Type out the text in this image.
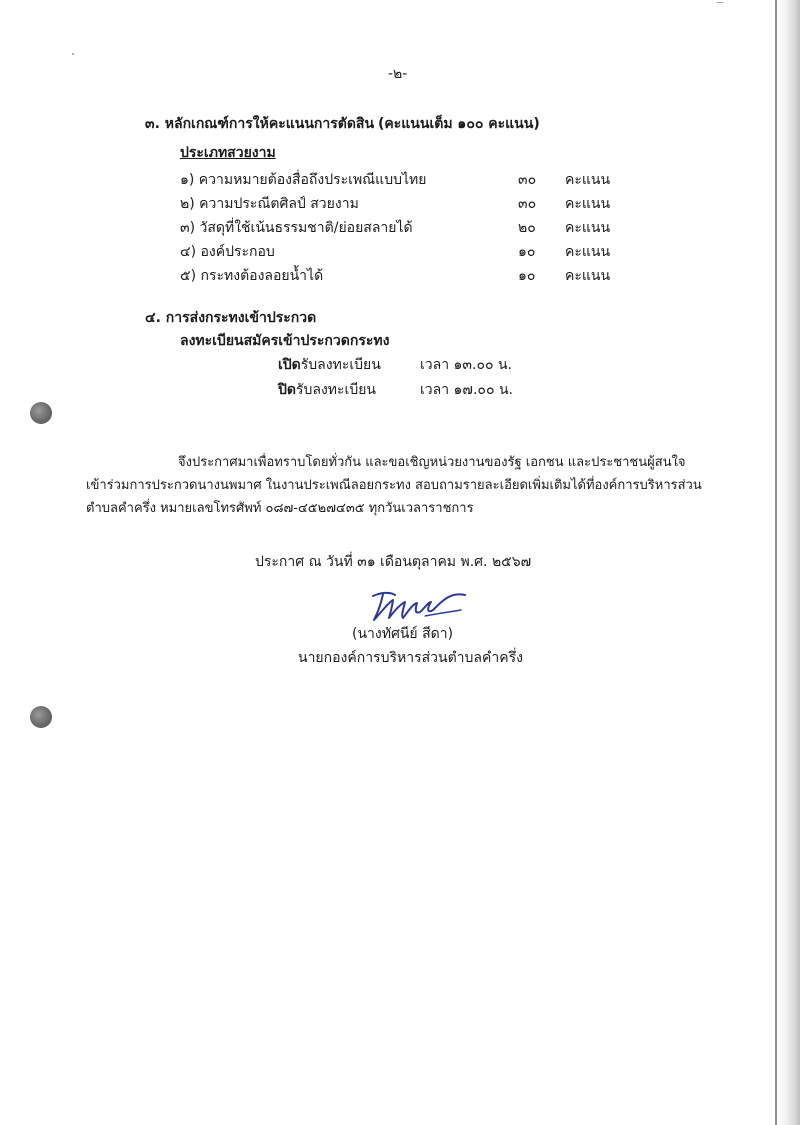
-๒-
๓. หลักเกณฑ์การให้คะแนนการตัดสิน (คะแนนเต็ม ๑๐๐ คะแนน)
ประเภทสวยงาม
๑) ความหมายต้องสื่อถึงประเพณีแบบไทย	๓๐ คะแนน
๒) ความประณีตศิลป์ สวยงาม	๓๐ คะแนน
๓) วัสดุที่ใช้เน้นธรรมชาติ/ย่อยสลายได้	๒๐ คะแนน
๔) องค์ประกอบ	๑๐ คะแนน
๕) กระทงต้องลอยน้ำได้	๑๐ คะแนน
๔. การส่งกระทงเข้าประกวด
ลงทะเบียนสมัครเข้าประกวดกระทง
เปิดรับลงทะเบียน	เวลา ๑๓.๐๐ น.
ปิดรับลงทะเบียน	เวลา ๑๗.๐๐ น.
จึงประกาศมาเพื่อทราบโดยทั่วกัน และขอเชิญหน่วยงานของรัฐ เอกชน และประชาชนผู้สนใจ
เข้าร่วมการประกวดนางนพมาศ ในงานประเพณีลอยกระทง สอบถามรายละเอียดเพิ่มเติมได้ที่องค์การบริหารส่วน
ตำบลคำครึ่ง หมายเลขโทรศัพท์ ๐๘๗-๔๕๒๗๔๓๕ ทุกวันเวลาราชการ
ประกาศ ณ วันที่ ๓๑ เดือนตุลาคม พ.ศ. ๒๕๖๗
(นางทัศนีย์ สีดา)
นายกองค์การบริหารส่วนตำบลคำครึ่ง
